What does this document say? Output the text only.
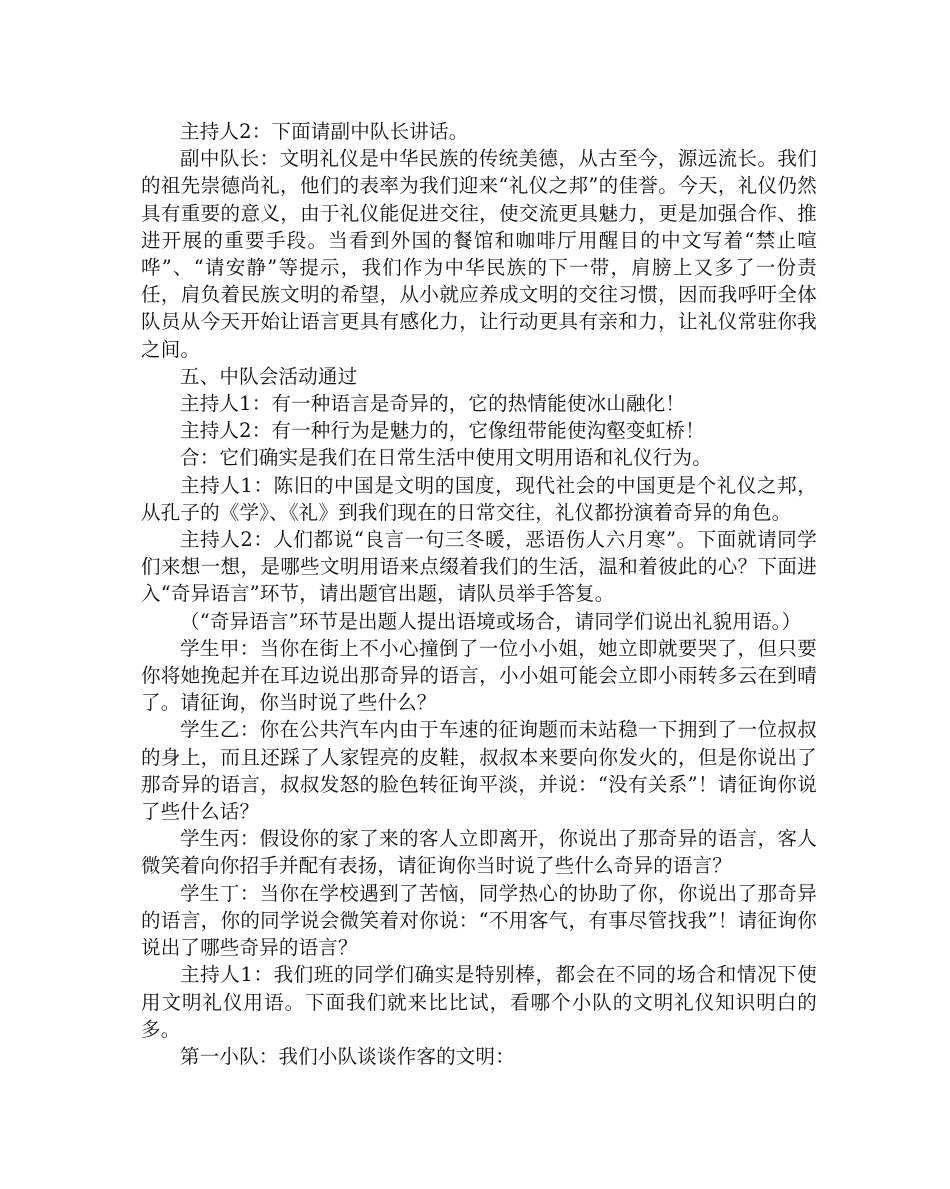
主持人2：下面请副中队长讲话。

副中队长：文明礼仪是中华民族的传统美德，从古至今，源远流长。我们的祖先崇德尚礼，他们的表率为我们迎来“礼仪之邦”的佳誉。今天，礼仪仍然具有重要的意义，由于礼仪能促进交往，使交流更具魅力，更是加强合作、推进开展的重要手段。当看到外国的餐馆和咖啡厅用醒目的中文写着“禁止喧哗”、“请安静”等提示，我们作为中华民族的下一带，肩膀上又多了一份责任，肩负着民族文明的希望，从小就应养成文明的交往习惯，因而我呼吁全体队员从今天开始让语言更具有感化力，让行动更具有亲和力，让礼仪常驻你我之间。

五、中队会活动通过

主持人1：有一种语言是奇异的，它的热情能使冰山融化！

主持人2：有一种行为是魅力的，它像纽带能使沟壑变虹桥！

合：它们确实是我们在日常生活中使用文明用语和礼仪行为。

主持人1：陈旧的中国是文明的国度，现代社会的中国更是个礼仪之邦，从孔子的《学》、《礼》到我们现在的日常交往，礼仪都扮演着奇异的角色。

主持人2：人们都说“良言一句三冬暖，恶语伤人六月寒”。下面就请同学们来想一想，是哪些文明用语来点缀着我们的生活，温和着彼此的心？下面进入“奇异语言”环节，请出题官出题，请队员举手答复。

（“奇异语言”环节是出题人提出语境或场合，请同学们说出礼貌用语。）

学生甲：当你在街上不小心撞倒了一位小小姐，她立即就要哭了，但只要你将她挽起并在耳边说出那奇异的语言，小小姐可能会立即小雨转多云在到晴了。请征询，你当时说了些什么？

学生乙：你在公共汽车内由于车速的征询题而未站稳一下拥到了一位叔叔的身上，而且还踩了人家锃亮的皮鞋，叔叔本来要向你发火的，但是你说出了那奇异的语言，叔叔发怒的脸色转征询平淡，并说：“没有关系”！请征询你说了些什么话？

学生丙：假设你的家了来的客人立即离开，你说出了那奇异的语言，客人微笑着向你招手并配有表扬，请征询你当时说了些什么奇异的语言？

学生丁：当你在学校遇到了苦恼，同学热心的协助了你，你说出了那奇异的语言，你的同学说会微笑着对你说：“不用客气，有事尽管找我”！请征询你说出了哪些奇异的语言？

主持人1：我们班的同学们确实是特别棒，都会在不同的场合和情况下使用文明礼仪用语。下面我们就来比比试，看哪个小队的文明礼仪知识明白的多。

第一小队：我们小队谈谈作客的文明：
